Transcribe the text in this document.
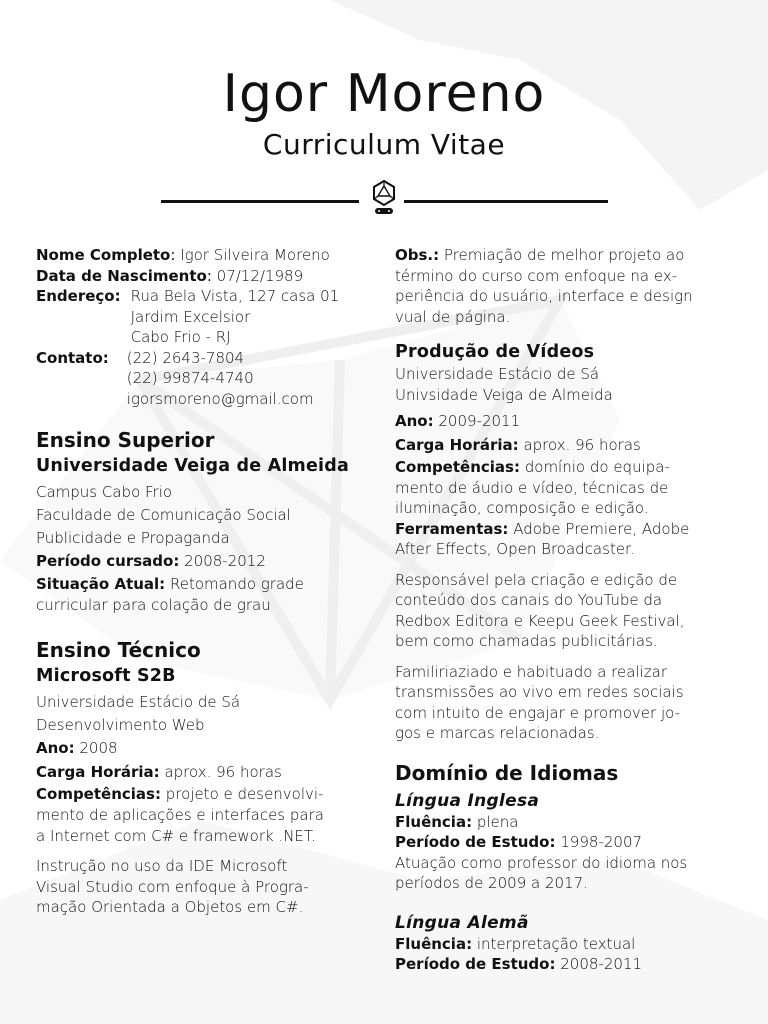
Igor Moreno
Curriculum Vitae

Nome Completo: Igor Silveira Moreno

Data de Nascimento: 07/12/1989

Endereço: Rua Bela Vista, 127 casa 01
Jardim Excelsior
Cabo Frio - RJ
Contato: (22) 2643-7804
(22) 99874-4740
igorsmoreno@gmail.com
Ensino Superior
Universidade Veiga de Almeida

Campus Cabo Frio

Faculdade de Comunicação Social

Publicidade e Propaganda

Período cursado: 2008-2012

Situação Atual: Retomando grade

curricular para colação de grau

Ensino Técnico
Microsoft S2B

Universidade Estácio de Sá

Desenvolvimento Web

Ano: 2008

Carga Horária: aprox. 96 horas

Competências: projeto e desenvolvi-

mento de aplicações e interfaces para

a Internet com C# e framework .NET.

Instrução no uso da IDE Microsoft

Visual Studio com enfoque à Progra-

mação Orientada a Objetos em C#.

Obs.: Premiação de melhor projeto ao

término do curso com enfoque na ex-

periência do usuário, interface e design

vual de página.

Produção de Vídeos

Universidade Estácio de Sá

Univsidade Veiga de Almeida

Ano: 2009-2011

Carga Horária: aprox. 96 horas

Competências: domínio do equipa-

mento de áudio e vídeo, técnicas de

iluminação, composição e edição.

Ferramentas: Adobe Premiere, Adobe

After Effects, Open Broadcaster.

Responsável pela criação e edição de

conteúdo dos canais do YouTube da

Redbox Editora e Keepu Geek Festival,

bem como chamadas publicitárias.

Familiriaziado e habituado a realizar

transmissões ao vivo em redes sociais

com intuito de engajar e promover jo-

gos e marcas relacionadas.

Domínio de Idiomas
Língua Inglesa

Fluência: plena

Período de Estudo: 1998-2007

Atuação como professor do idioma nos

períodos de 2009 a 2017.

Língua Alemã

Fluência: interpretação textual

Período de Estudo: 2008-2011
